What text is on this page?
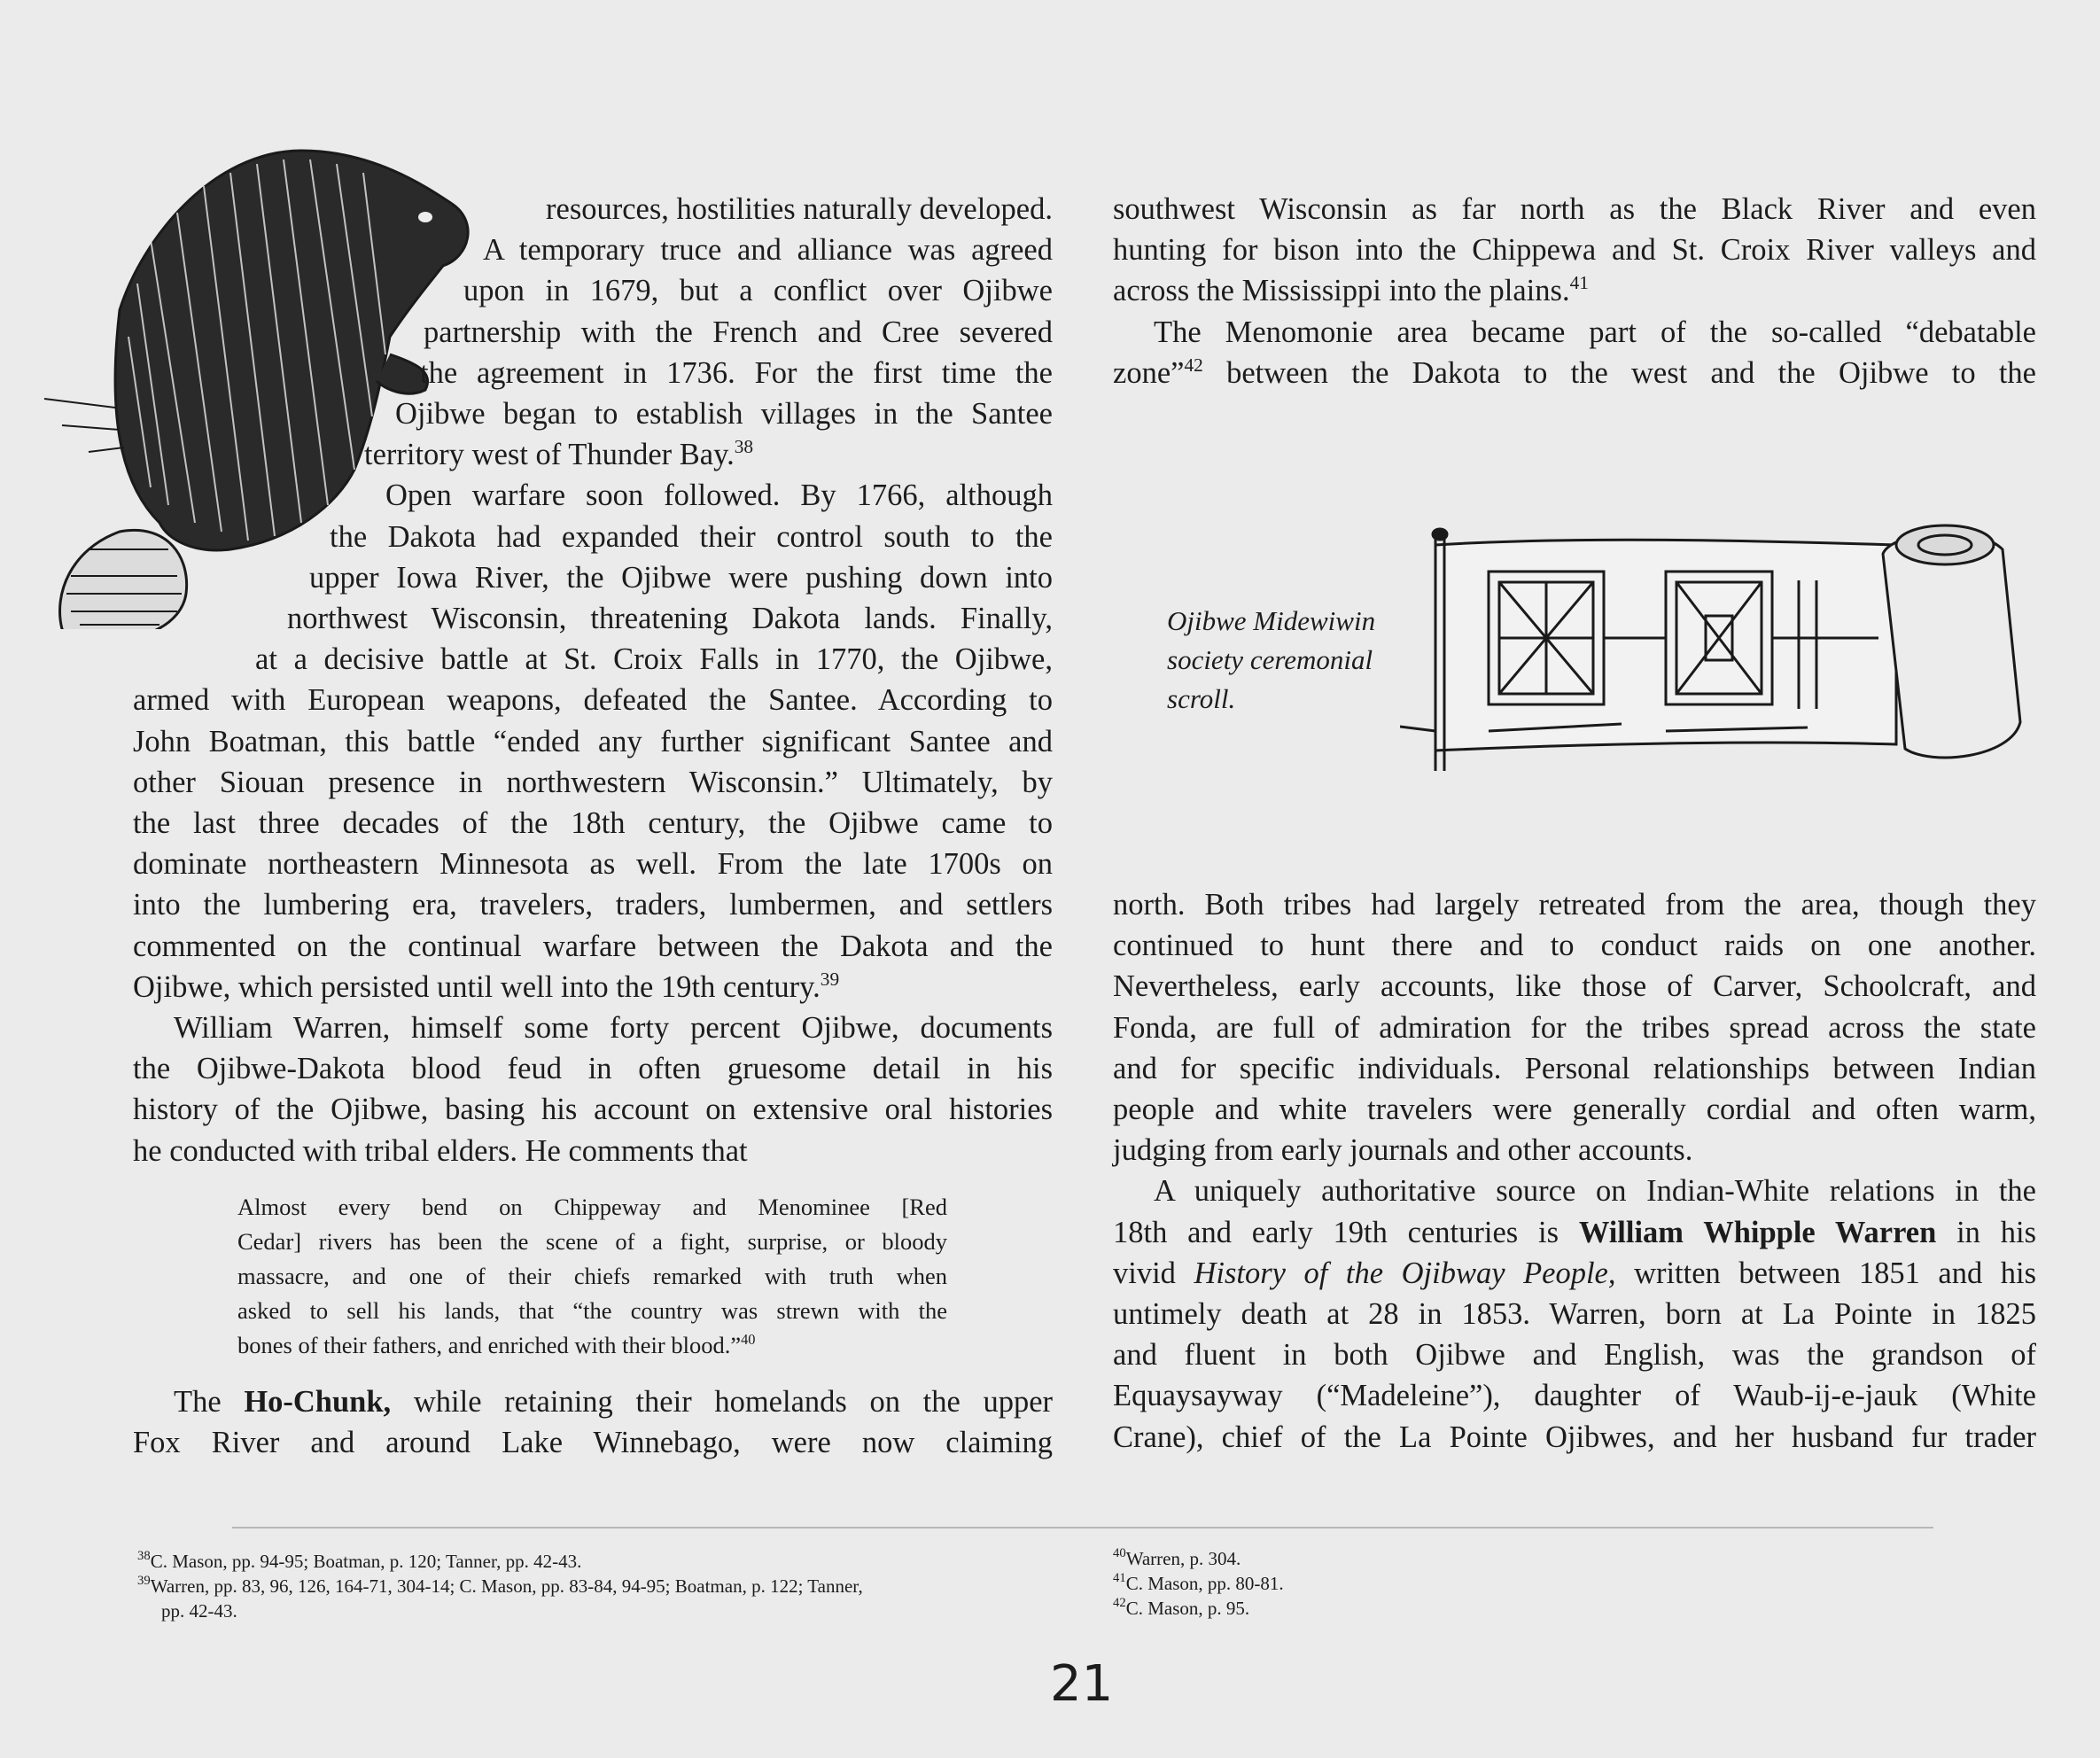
resources, hostilities naturally developed.
A temporary truce and alliance was agreed
upon in 1679, but a conflict over Ojibwe
partnership with the French and Cree severed
the agreement in 1736. For the first time the
Ojibwe began to establish villages in the Santee
territory west of Thunder Bay.$^{38}$
Open warfare soon followed. By 1766, although
the Dakota had expanded their control south to the
upper Iowa River, the Ojibwe were pushing down into
northwest Wisconsin, threatening Dakota lands. Finally,
at a decisive battle at St. Croix Falls in 1770, the Ojibwe,
armed with European weapons, defeated the Santee. According to
John Boatman, this battle “ended any further significant Santee and
other Siouan presence in northwestern Wisconsin.” Ultimately, by
the last three decades of the 18th century, the Ojibwe came to
dominate northeastern Minnesota as well. From the late 1700s on
into the lumbering era, travelers, traders, lumbermen, and settlers
commented on the continual warfare between the Dakota and the
Ojibwe, which persisted until well into the 19th century.$^{39}$
William Warren, himself some forty percent Ojibwe, documents
the Ojibwe-Dakota blood feud in often gruesome detail in his
history of the Ojibwe, basing his account on extensive oral histories
he conducted with tribal elders. He comments that
Almost every bend on Chippeway and Menominee [Red
Cedar] rivers has been the scene of a fight, surprise, or bloody
massacre, and one of their chiefs remarked with truth when
asked to sell his lands, that “the country was strewn with the
bones of their fathers, and enriched with their blood.”$^{40}$
The Ho-Chunk, while retaining their homelands on the upper
Fox River and around Lake Winnebago, were now claiming
southwest Wisconsin as far north as the Black River and even
hunting for bison into the Chippewa and St. Croix River valleys and
across the Mississippi into the plains.$^{41}$
The Menomonie area became part of the so-called “debatable
zone”$^{42}$ between the Dakota to the west and the Ojibwe to the
Ojibwe Midewiwin
society ceremonial
scroll.
north. Both tribes had largely retreated from the area, though they
continued to hunt there and to conduct raids on one another.
Nevertheless, early accounts, like those of Carver, Schoolcraft, and
Fonda, are full of admiration for the tribes spread across the state
and for specific individuals. Personal relationships between Indian
people and white travelers were generally cordial and often warm,
judging from early journals and other accounts.
A uniquely authoritative source on Indian-White relations in the
18th and early 19th centuries is William Whipple Warren in his
vivid History of the Ojibway People, written between 1851 and his
untimely death at 28 in 1853. Warren, born at La Pointe in 1825
and fluent in both Ojibwe and English, was the grandson of
Equaysayway (“Madeleine”), daughter of Waub-ij-e-jauk (White
Crane), chief of the La Pointe Ojibwes, and her husband fur trader
$^{38}$C. Mason, pp. 94-95; Boatman, p. 120; Tanner, pp. 42-43.
$^{39}$Warren, pp. 83, 96, 126, 164-71, 304-14; C. Mason, pp. 83-84, 94-95; Boatman, p. 122; Tanner,
pp. 42-43.
$^{40}$Warren, p. 304.
$^{41}$C. Mason, pp. 80-81.
$^{42}$C. Mason, p. 95.
21
